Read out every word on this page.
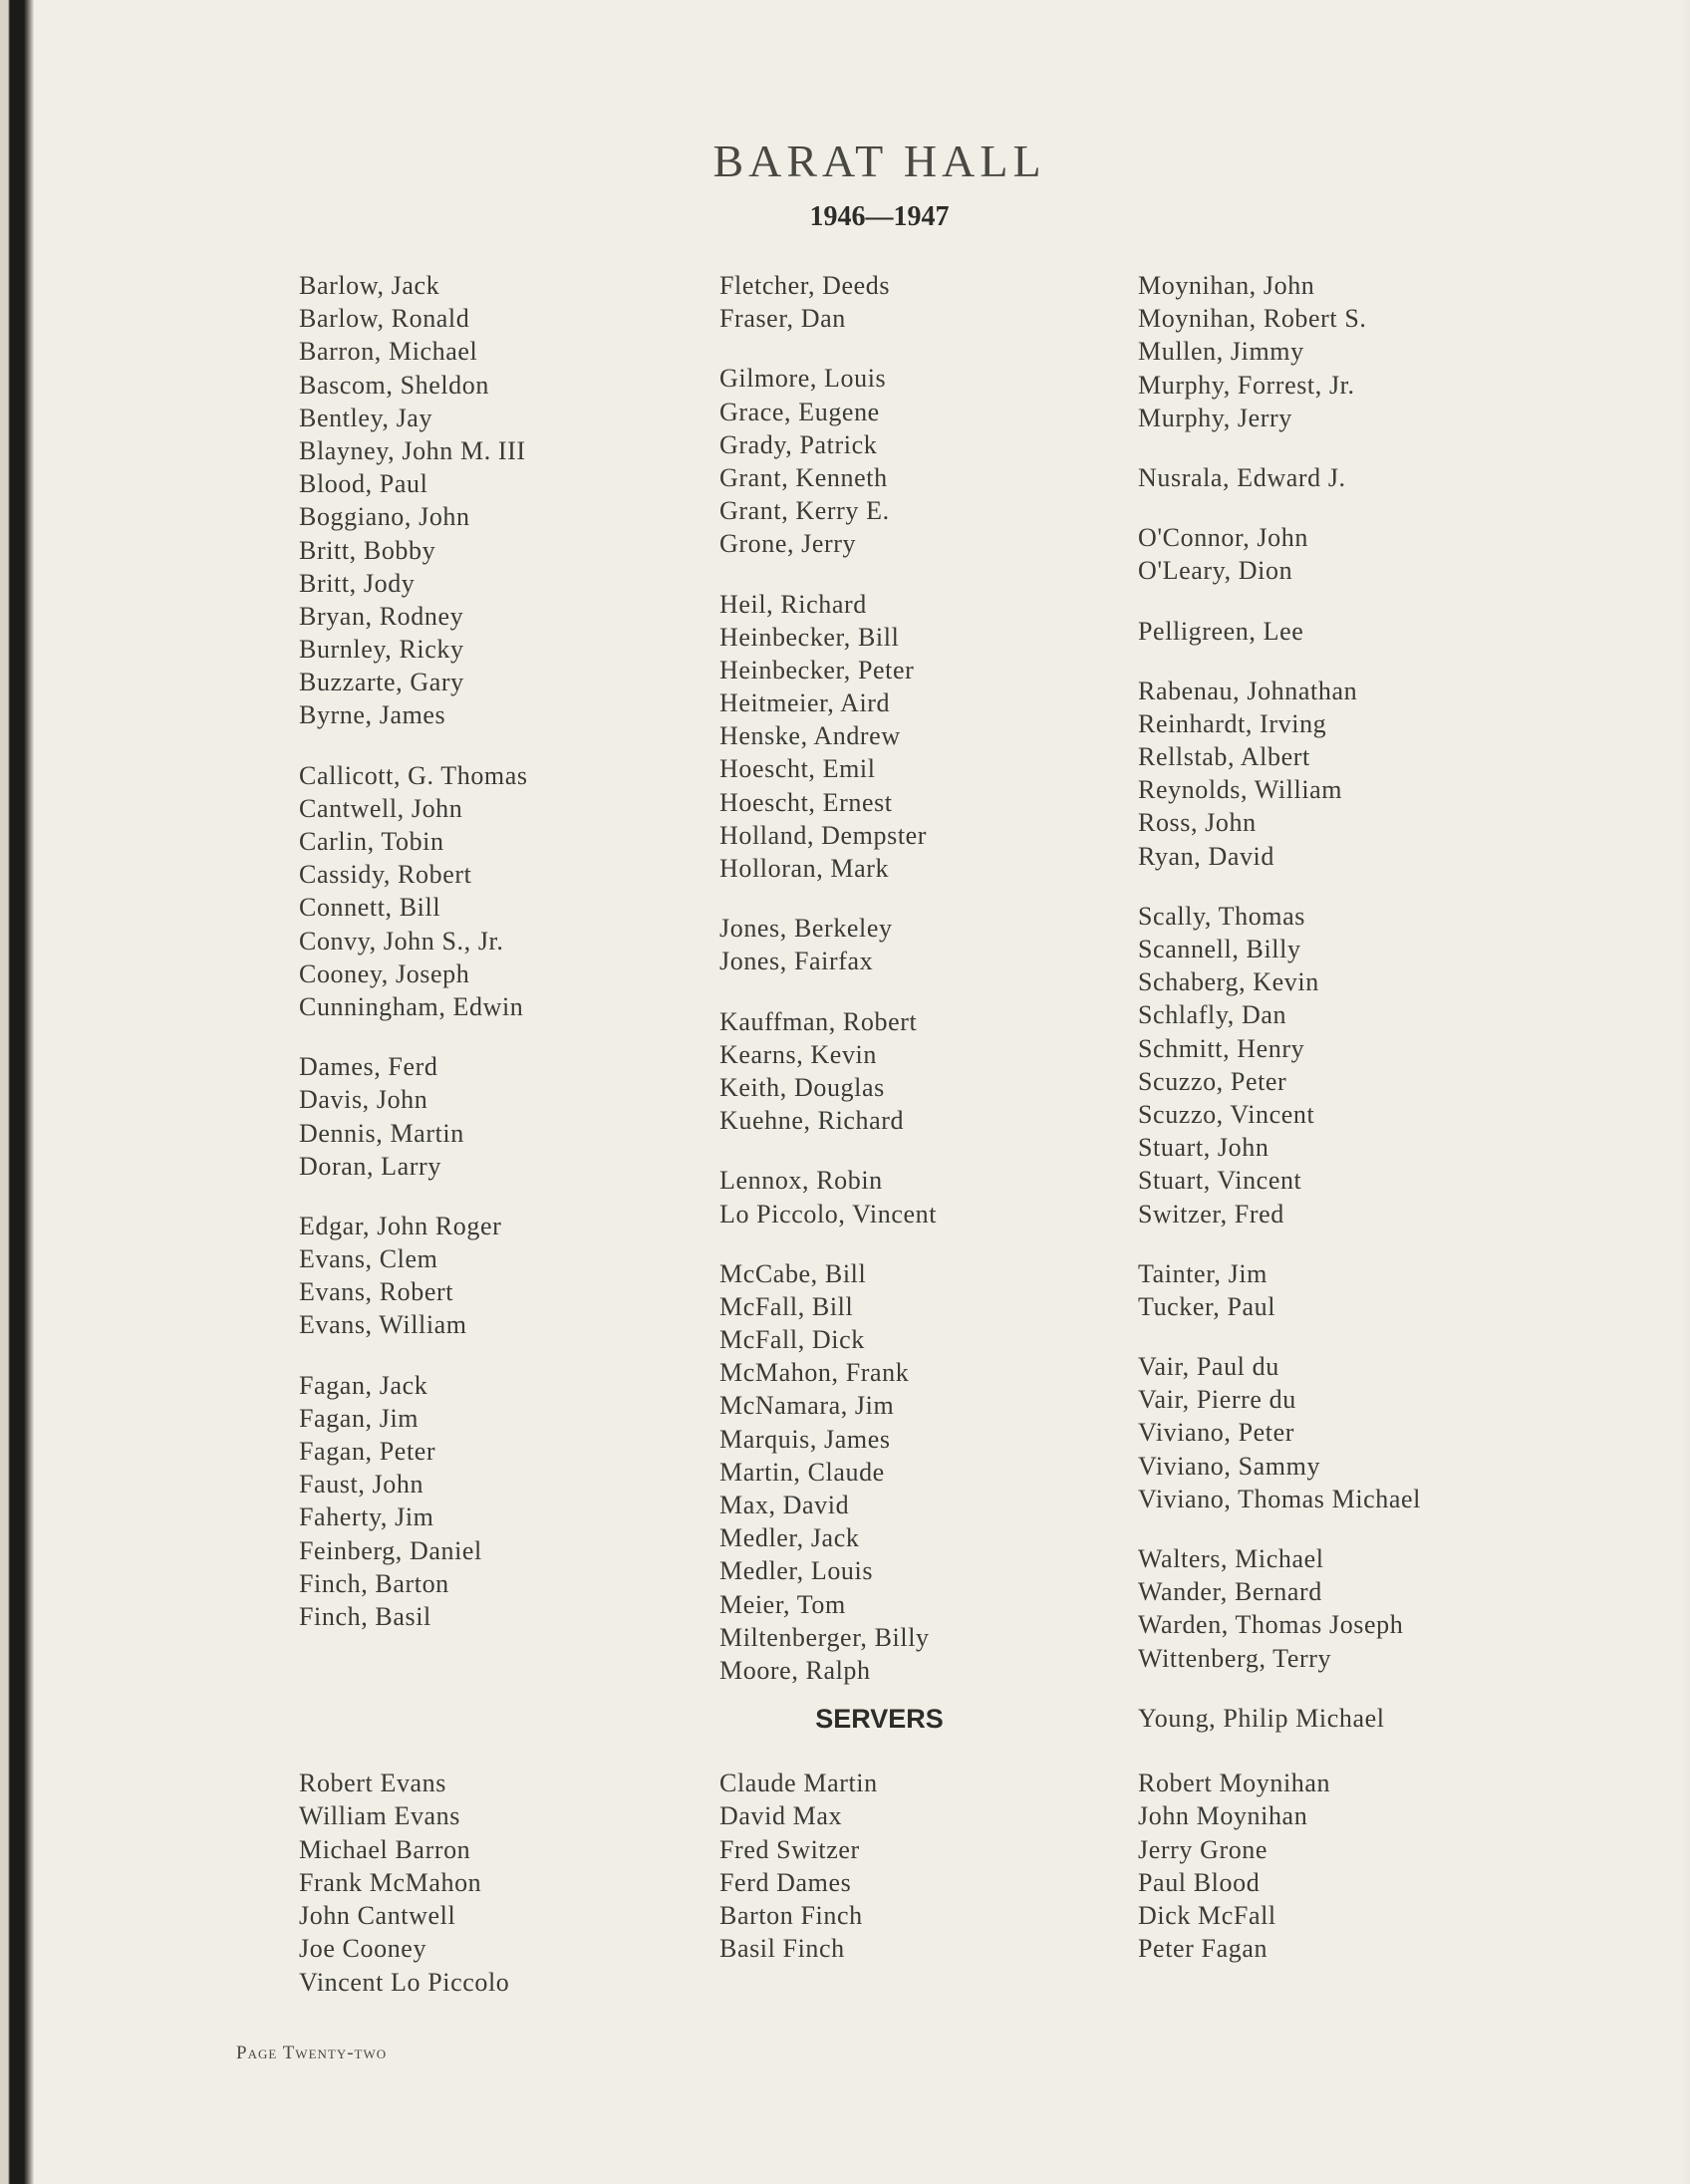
BARAT HALL
1946—1947
Barlow, Jack
Barlow, Ronald
Barron, Michael
Bascom, Sheldon
Bentley, Jay
Blayney, John M. III
Blood, Paul
Boggiano, John
Britt, Bobby
Britt, Jody
Bryan, Rodney
Burnley, Ricky
Buzzarte, Gary
Byrne, James
Callicott, G. Thomas
Cantwell, John
Carlin, Tobin
Cassidy, Robert
Connett, Bill
Convy, John S., Jr.
Cooney, Joseph
Cunningham, Edwin
Dames, Ferd
Davis, John
Dennis, Martin
Doran, Larry
Edgar, John Roger
Evans, Clem
Evans, Robert
Evans, William
Fagan, Jack
Fagan, Jim
Fagan, Peter
Faust, John
Faherty, Jim
Feinberg, Daniel
Finch, Barton
Finch, Basil
Fletcher, Deeds
Fraser, Dan
Gilmore, Louis
Grace, Eugene
Grady, Patrick
Grant, Kenneth
Grant, Kerry E.
Grone, Jerry
Heil, Richard
Heinbecker, Bill
Heinbecker, Peter
Heitmeier, Aird
Henske, Andrew
Hoescht, Emil
Hoescht, Ernest
Holland, Dempster
Holloran, Mark
Jones, Berkeley
Jones, Fairfax
Kauffman, Robert
Kearns, Kevin
Keith, Douglas
Kuehne, Richard
Lennox, Robin
Lo Piccolo, Vincent
McCabe, Bill
McFall, Bill
McFall, Dick
McMahon, Frank
McNamara, Jim
Marquis, James
Martin, Claude
Max, David
Medler, Jack
Medler, Louis
Meier, Tom
Miltenberger, Billy
Moore, Ralph
Moynihan, John
Moynihan, Robert S.
Mullen, Jimmy
Murphy, Forrest, Jr.
Murphy, Jerry
Nusrala, Edward J.
O'Connor, John
O'Leary, Dion
Pelligreen, Lee
Rabenau, Johnathan
Reinhardt, Irving
Rellstab, Albert
Reynolds, William
Ross, John
Ryan, David
Scally, Thomas
Scannell, Billy
Schaberg, Kevin
Schlafly, Dan
Schmitt, Henry
Scuzzo, Peter
Scuzzo, Vincent
Stuart, John
Stuart, Vincent
Switzer, Fred
Tainter, Jim
Tucker, Paul
Vair, Paul du
Vair, Pierre du
Viviano, Peter
Viviano, Sammy
Viviano, Thomas Michael
Walters, Michael
Wander, Bernard
Warden, Thomas Joseph
Wittenberg, Terry
Young, Philip Michael
SERVERS
Robert Evans
William Evans
Michael Barron
Frank McMahon
John Cantwell
Joe Cooney
Vincent Lo Piccolo
Claude Martin
David Max
Fred Switzer
Ferd Dames
Barton Finch
Basil Finch
Robert Moynihan
John Moynihan
Jerry Grone
Paul Blood
Dick McFall
Peter Fagan
Page Twenty-two
